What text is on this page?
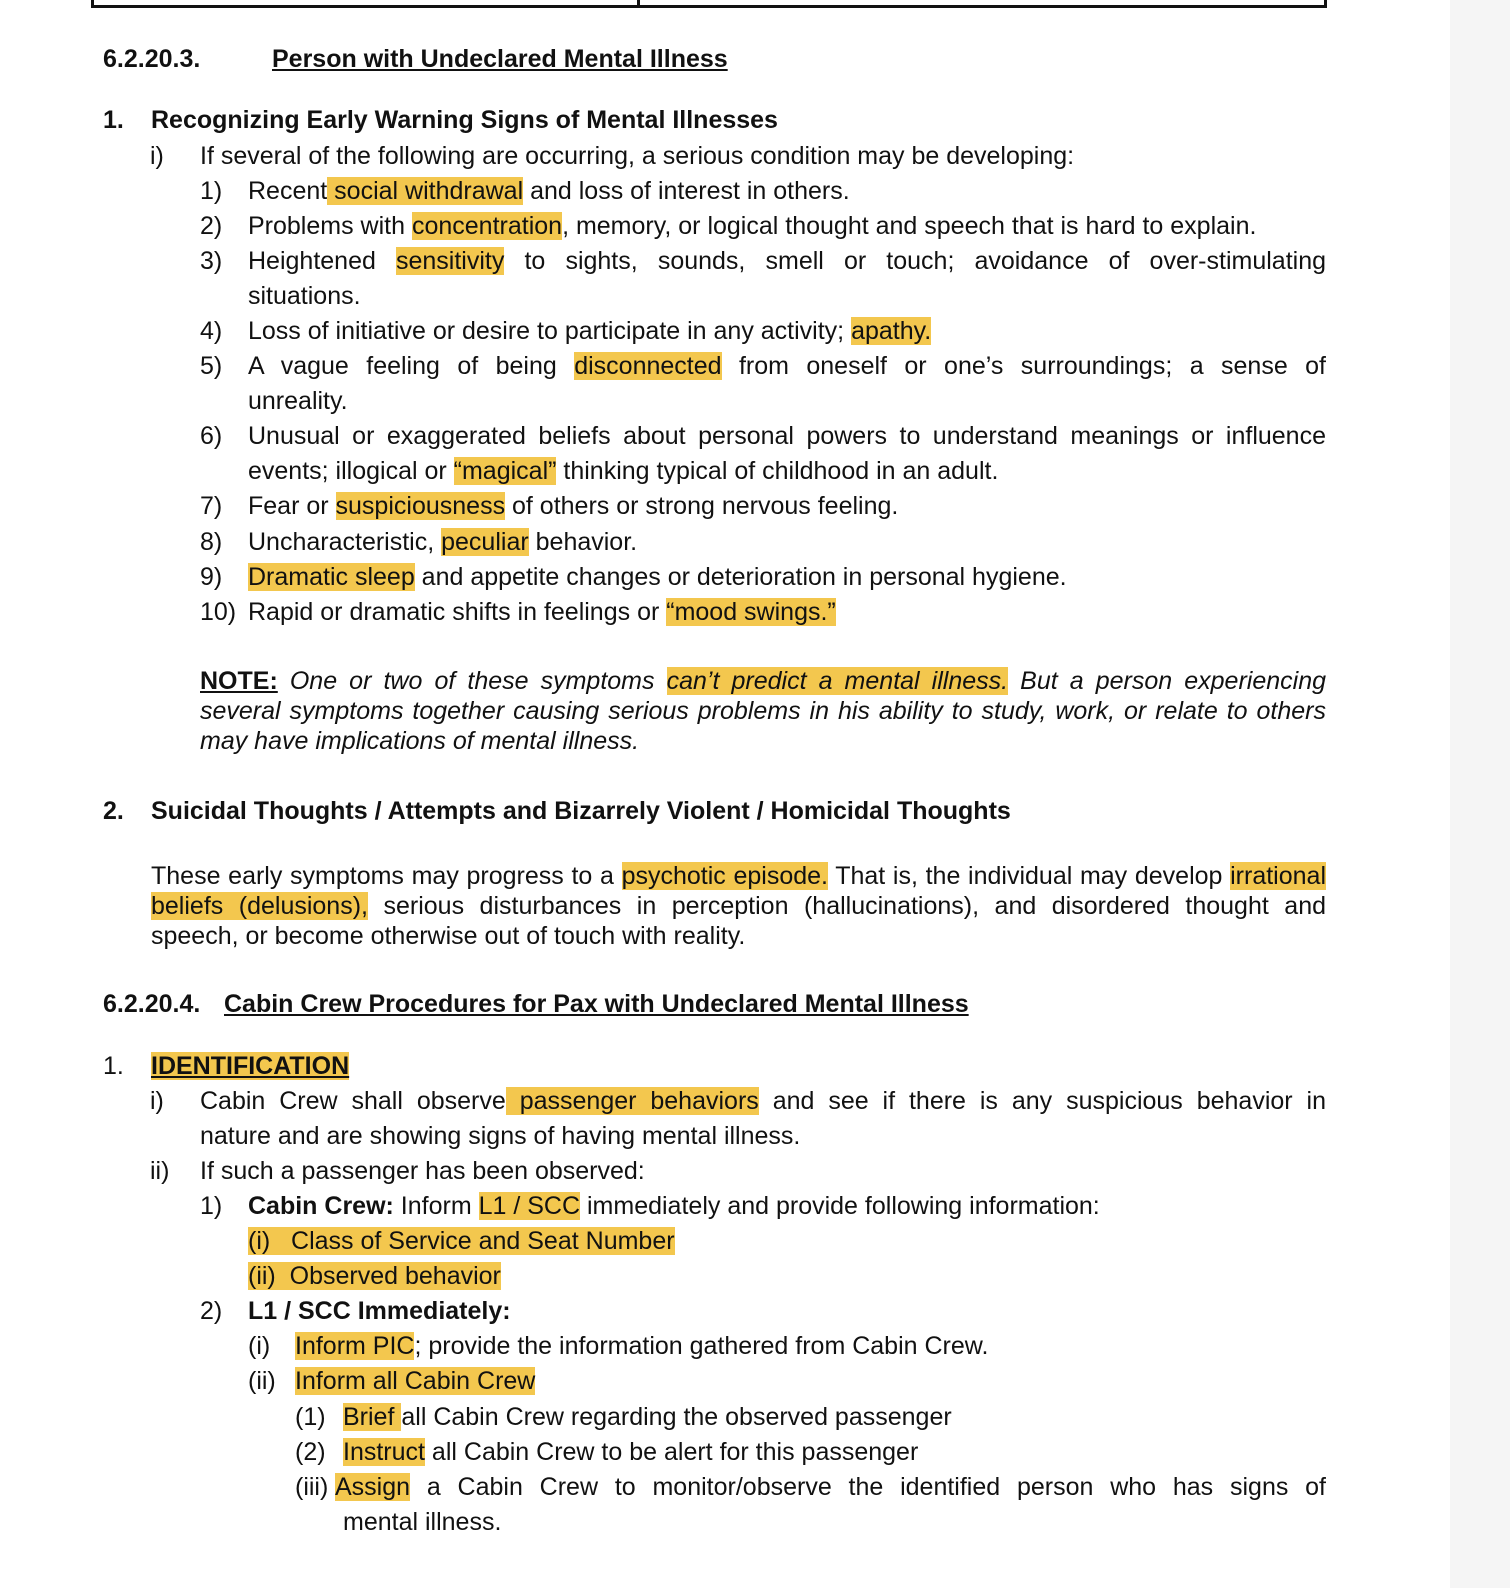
6.2.20.3.	Person with Undeclared Mental Illness
1. Recognizing Early Warning Signs of Mental Illnesses
i) If several of the following are occurring, a serious condition may be developing:
1) Recent social withdrawal and loss of interest in others.
2) Problems with concentration, memory, or logical thought and speech that is hard to explain.
3) Heightened sensitivity to sights, sounds, smell or touch; avoidance of over-stimulating
situations.
4) Loss of initiative or desire to participate in any activity; apathy.
5) A vague feeling of being disconnected from oneself or one’s surroundings; a sense of
unreality.
6) Unusual or exaggerated beliefs about personal powers to understand meanings or influence
events; illogical or “magical” thinking typical of childhood in an adult.
7) Fear or suspiciousness of others or strong nervous feeling.
8) Uncharacteristic, peculiar behavior.
9) Dramatic sleep and appetite changes or deterioration in personal hygiene.
10) Rapid or dramatic shifts in feelings or “mood swings.”
NOTE: One or two of these symptoms can’t predict a mental illness. But a person experiencing several symptoms together causing serious problems in his ability to study, work, or relate to others may have implications of mental illness.
2. Suicidal Thoughts / Attempts and Bizarrely Violent / Homicidal Thoughts
These early symptoms may progress to a psychotic episode. That is, the individual may develop irrational beliefs (delusions), serious disturbances in perception (hallucinations), and disordered thought and speech, or become otherwise out of touch with reality.
6.2.20.4. Cabin Crew Procedures for Pax with Undeclared Mental Illness
1. IDENTIFICATION
i) Cabin Crew shall observe passenger behaviors and see if there is any suspicious behavior in
nature and are showing signs of having mental illness.
ii) If such a passenger has been observed:
1) Cabin Crew: Inform L1 / SCC immediately and provide following information:
(i)   Class of Service and Seat Number
(ii)  Observed behavior
2) L1 / SCC Immediately:
(i) Inform PIC; provide the information gathered from Cabin Crew.
(ii) Inform all Cabin Crew
(1) Brief all Cabin Crew regarding the observed passenger
(2) Instruct all Cabin Crew to be alert for this passenger
(iii) Assign a Cabin Crew to monitor/observe the identified person who has signs of
mental illness.
